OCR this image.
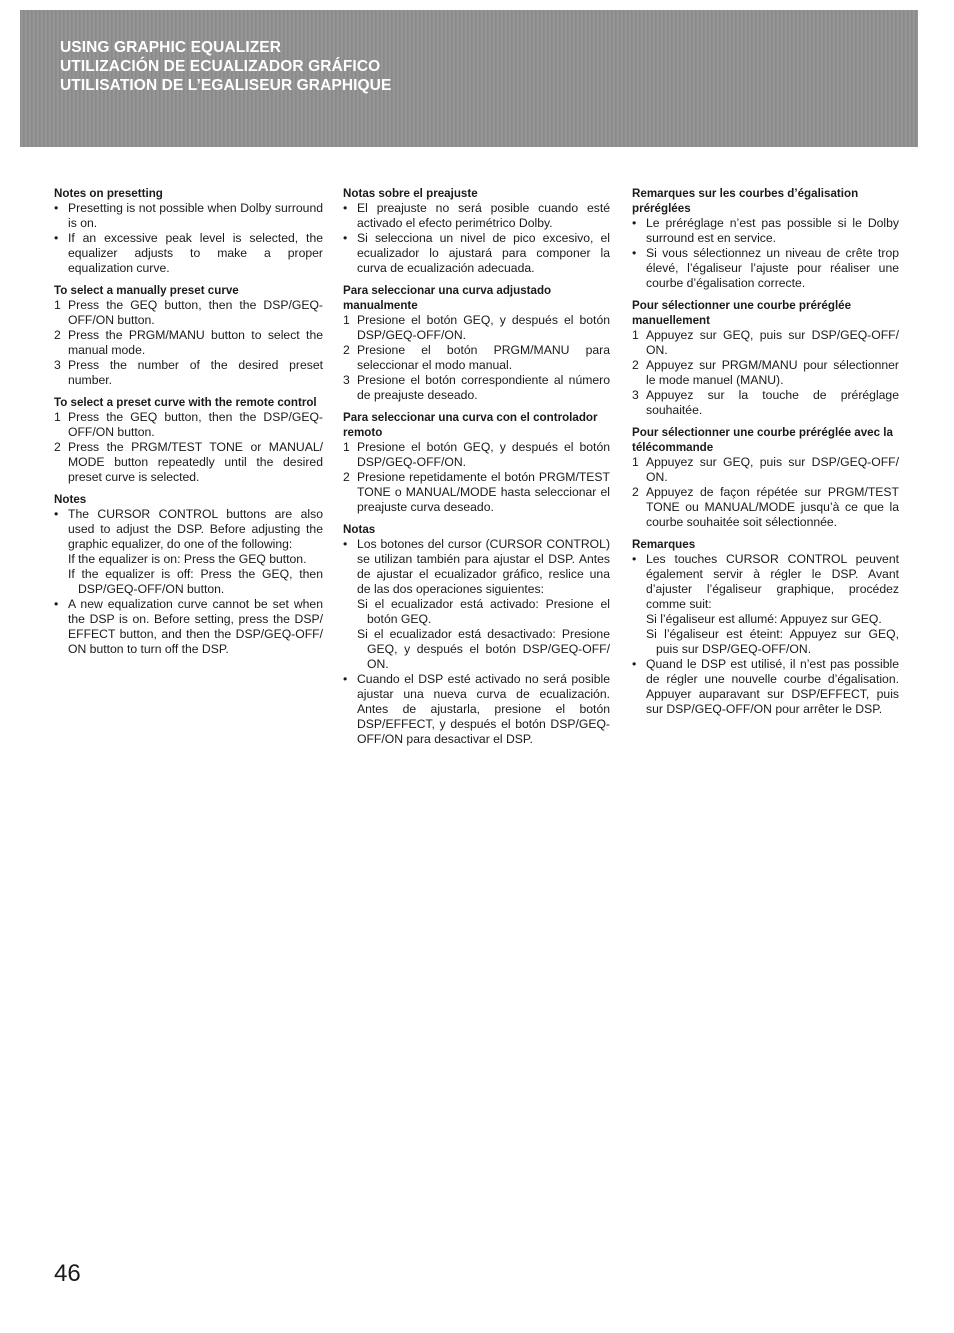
USING GRAPHIC EQUALIZER
UTILIZACIÓN DE ECUALIZADOR GRÁFICO
UTILISATION DE L’EGALISEUR GRAPHIQUE
Notes on presetting
• Presetting is not possible when Dolby surround is on.
• If an excessive peak level is selected, the equalizer adjusts to make a proper equalization curve.
To select a manually preset curve
1 Press the GEQ button, then the DSP/GEQ-OFF/ON button.
2 Press the PRGM/MANU button to select the manual mode.
3 Press the number of the desired preset number.
To select a preset curve with the remote control
1 Press the GEQ button, then the DSP/GEQ-OFF/ON button.
2 Press the PRGM/TEST TONE or MANUAL/ MODE button repeatedly until the desired preset curve is selected.
Notes
• The CURSOR CONTROL buttons are also used to adjust the DSP. Before adjusting the graphic equalizer, do one of the following:
If the equalizer is on: Press the GEQ button.
If the equalizer is off: Press the GEQ, then DSP/GEQ-OFF/ON button.
• A new equalization curve cannot be set when the DSP is on. Before setting, press the DSP/ EFFECT button, and then the DSP/GEQ-OFF/ ON button to turn off the DSP.
Notas sobre el preajuste
• El preajuste no será posible cuando esté activado el efecto perimétrico Dolby.
• Si selecciona un nivel de pico excesivo, el ecualizador lo ajustará para componer la curva de ecualización adecuada.
Para seleccionar una curva adjustado manualmente
1 Presione el botón GEQ, y después el botón DSP/GEQ-OFF/ON.
2 Presione el botón PRGM/MANU para seleccionar el modo manual.
3 Presione el botón correspondiente al número de preajuste deseado.
Para seleccionar una curva con el controlador remoto
1 Presione el botón GEQ, y después el botón DSP/GEQ-OFF/ON.
2 Presione repetidamente el botón PRGM/TEST TONE o MANUAL/MODE hasta seleccionar el preajuste curva deseado.
Notas
• Los botones del cursor (CURSOR CONTROL) se utilizan también para ajustar el DSP. Antes de ajustar el ecualizador gráfico, reslice una de las dos operaciones siguientes:
Si el ecualizador está activado: Presione el botón GEQ.
Si el ecualizador está desactivado: Presione GEQ, y después el botón DSP/GEQ-OFF/ ON.
• Cuando el DSP esté activado no será posible ajustar una nueva curva de ecualización. Antes de ajustarla, presione el botón DSP/EFFECT, y después el botón DSP/GEQ-OFF/ON para desactivar el DSP.
Remarques sur les courbes d’égalisation préréglées
• Le préréglage n’est pas possible si le Dolby surround est en service.
• Si vous sélectionnez un niveau de crête trop élevé, l’égaliseur l’ajuste pour réaliser une courbe d’égalisation correcte.
Pour sélectionner une courbe préréglée manuellement
1 Appuyez sur GEQ, puis sur DSP/GEQ-OFF/ ON.
2 Appuyez sur PRGM/MANU pour sélectionner le mode manuel (MANU).
3 Appuyez sur la touche de préréglage souhaitée.
Pour sélectionner une courbe préréglée avec la télécommande
1 Appuyez sur GEQ, puis sur DSP/GEQ-OFF/ ON.
2 Appuyez de façon répétée sur PRGM/TEST TONE ou MANUAL/MODE jusqu’à ce que la courbe souhaitée soit sélectionnée.
Remarques
• Les touches CURSOR CONTROL peuvent également servir à régler le DSP. Avant d’ajuster l’égaliseur graphique, procédez comme suit:
Si l’égaliseur est allumé: Appuyez sur GEQ.
Si l’égaliseur est éteint: Appuyez sur GEQ, puis sur DSP/GEQ-OFF/ON.
• Quand le DSP est utilisé, il n’est pas possible de régler une nouvelle courbe d’égalisation. Appuyer auparavant sur DSP/EFFECT, puis sur DSP/GEQ-OFF/ON pour arrêter le DSP.
46
